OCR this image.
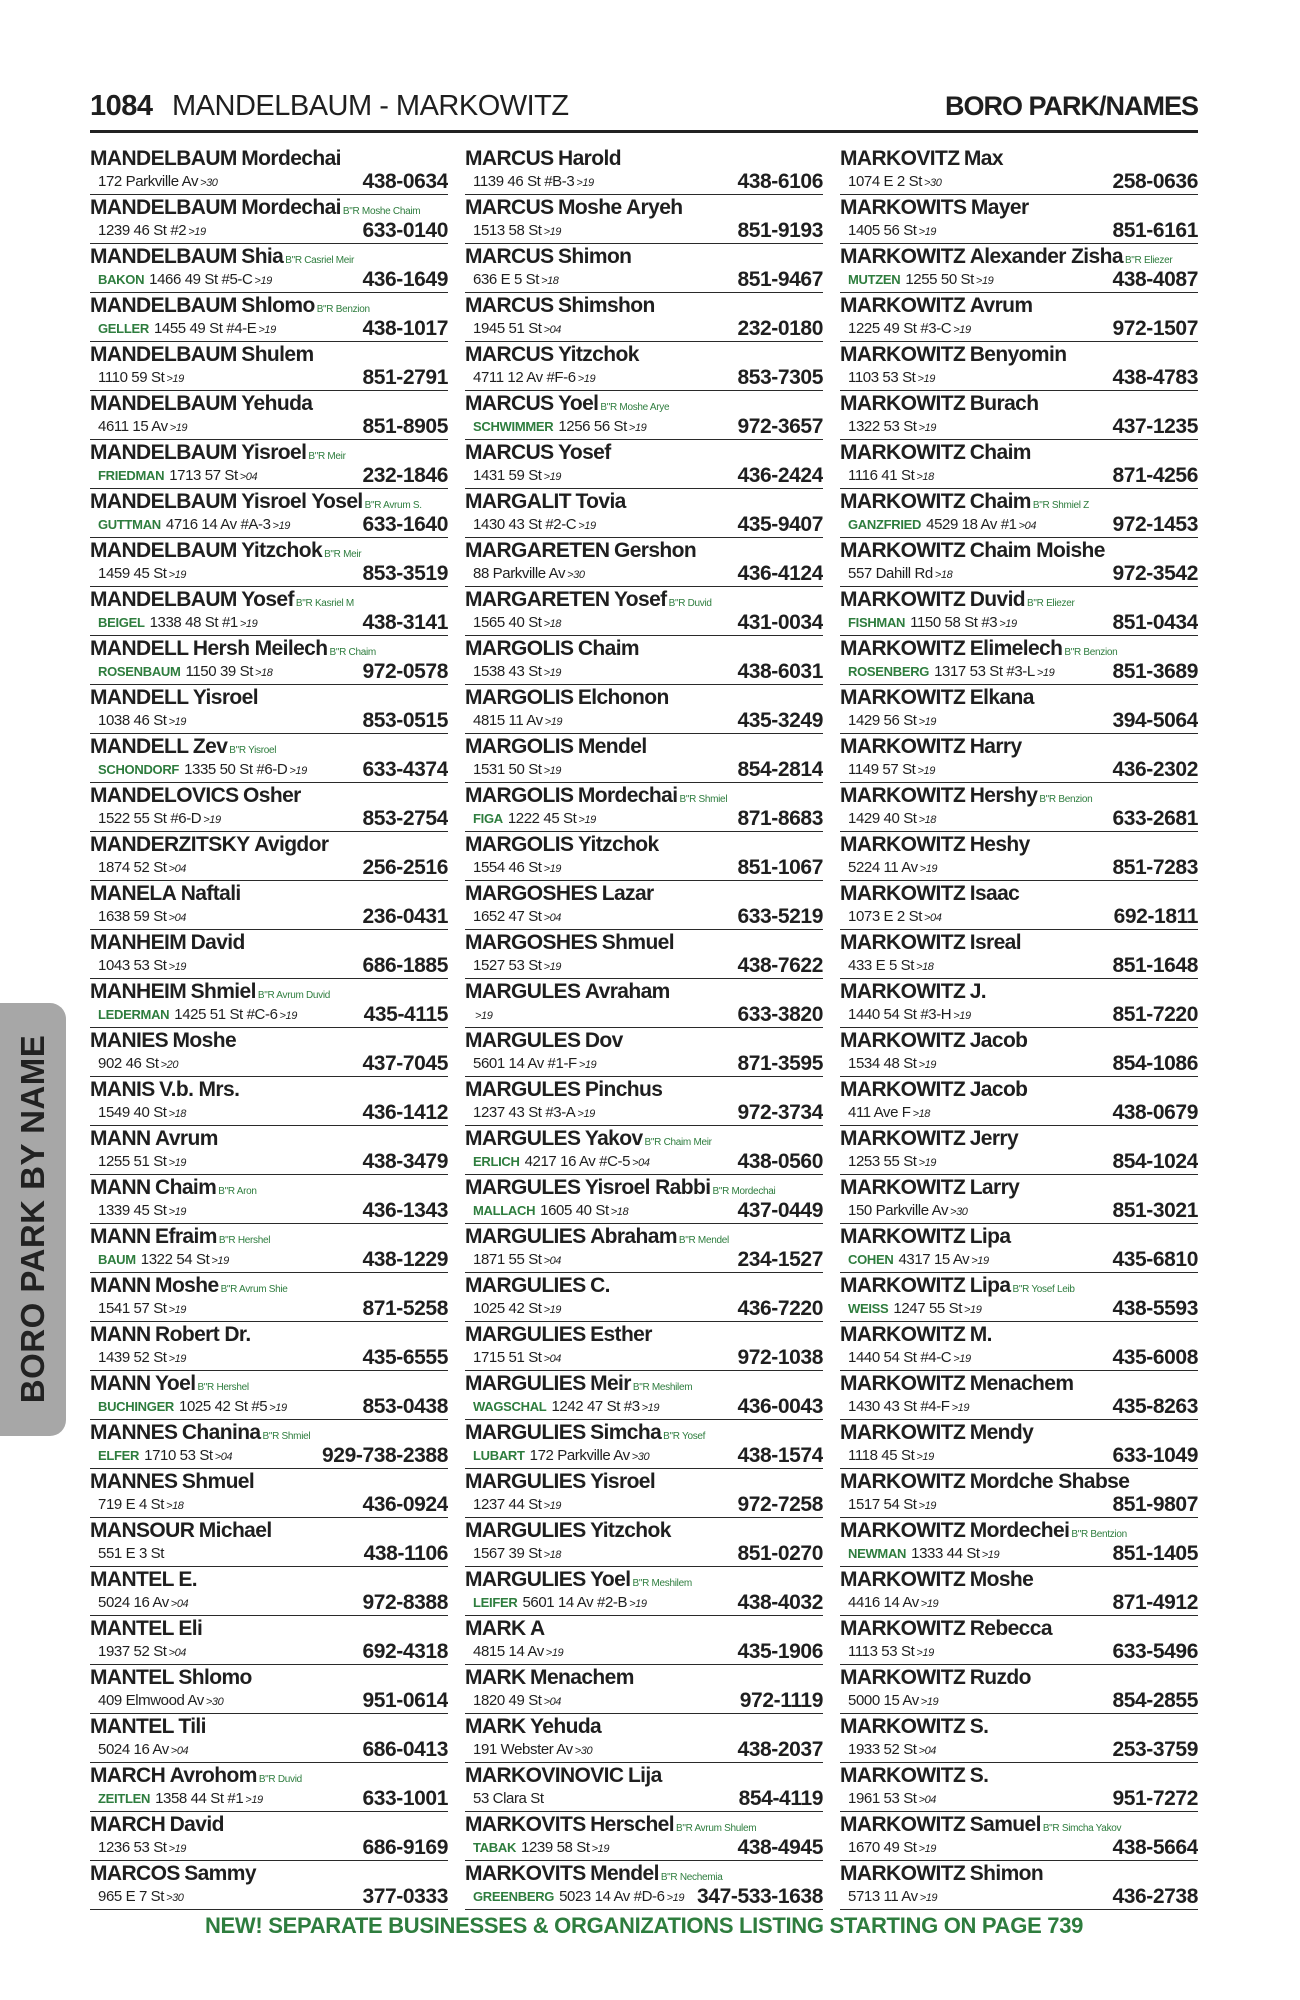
1084 MANDELBAUM - MARKOWITZ	BORO PARK/NAMES
BORO PARK BY NAME
MANDELBAUM Mordechai
172 Parkville Av >30	438-0634
MANDELBAUM Mordechai B"R Moshe Chaim
1239 46 St #2 >19	633-0140
MANDELBAUM Shia B"R Casriel Meir
BAKON 1466 49 St #5-C >19	436-1649
MANDELBAUM Shlomo B"R Benzion
GELLER 1455 49 St #4-E >19	438-1017
MANDELBAUM Shulem
1110 59 St >19	851-2791
MANDELBAUM Yehuda
4611 15 Av >19	851-8905
MANDELBAUM Yisroel B"R Meir
FRIEDMAN 1713 57 St >04	232-1846
MANDELBAUM Yisroel Yosel B"R Avrum S.
GUTTMAN 4716 14 Av #A-3 >19	633-1640
MANDELBAUM Yitzchok B"R Meir
1459 45 St >19	853-3519
MANDELBAUM Yosef B"R Kasriel M
BEIGEL 1338 48 St #1 >19	438-3141
MANDELL Hersh Meilech B"R Chaim
ROSENBAUM 1150 39 St >18	972-0578
MANDELL Yisroel
1038 46 St >19	853-0515
MANDELL Zev B"R Yisroel
SCHONDORF 1335 50 St #6-D >19	633-4374
MANDELOVICS Osher
1522 55 St #6-D >19	853-2754
MANDERZITSKY Avigdor
1874 52 St >04	256-2516
MANELA Naftali
1638 59 St >04	236-0431
MANHEIM David
1043 53 St >19	686-1885
MANHEIM Shmiel B"R Avrum Duvid
LEDERMAN 1425 51 St #C-6 >19	435-4115
MANIES Moshe
902 46 St >20	437-7045
MANIS V.b. Mrs.
1549 40 St >18	436-1412
MANN Avrum
1255 51 St >19	438-3479
MANN Chaim B"R Aron
1339 45 St >19	436-1343
MANN Efraim B"R Hershel
BAUM 1322 54 St >19	438-1229
MANN Moshe B"R Avrum Shie
1541 57 St >19	871-5258
MANN Robert Dr.
1439 52 St >19	435-6555
MANN Yoel B"R Hershel
BUCHINGER 1025 42 St #5 >19	853-0438
MANNES Chanina B"R Shmiel
ELFER 1710 53 St >04	929-738-2388
MANNES Shmuel
719 E 4 St >18	436-0924
MANSOUR Michael
551 E 3 St	438-1106
MANTEL E.
5024 16 Av >04	972-8388
MANTEL Eli
1937 52 St >04	692-4318
MANTEL Shlomo
409 Elmwood Av >30	951-0614
MANTEL Tili
5024 16 Av >04	686-0413
MARCH Avrohom B"R Duvid
ZEITLEN 1358 44 St #1 >19	633-1001
MARCH David
1236 53 St >19	686-9169
MARCOS Sammy
965 E 7 St >30	377-0333
MARCUS Harold
1139 46 St #B-3 >19	438-6106
MARCUS Moshe Aryeh
1513 58 St >19	851-9193
MARCUS Shimon
636 E 5 St >18	851-9467
MARCUS Shimshon
1945 51 St >04	232-0180
MARCUS Yitzchok
4711 12 Av #F-6 >19	853-7305
MARCUS Yoel B"R Moshe Arye
SCHWIMMER 1256 56 St >19	972-3657
MARCUS Yosef
1431 59 St >19	436-2424
MARGALIT Tovia
1430 43 St #2-C >19	435-9407
MARGARETEN Gershon
88 Parkville Av >30	436-4124
MARGARETEN Yosef B"R Duvid
1565 40 St >18	431-0034
MARGOLIS Chaim
1538 43 St >19	438-6031
MARGOLIS Elchonon
4815 11 Av >19	435-3249
MARGOLIS Mendel
1531 50 St >19	854-2814
MARGOLIS Mordechai B"R Shmiel
FIGA 1222 45 St >19	871-8683
MARGOLIS Yitzchok
1554 46 St >19	851-1067
MARGOSHES Lazar
1652 47 St >04	633-5219
MARGOSHES Shmuel
1527 53 St >19	438-7622
MARGULES Avraham
>19	633-3820
MARGULES Dov
5601 14 Av #1-F >19	871-3595
MARGULES Pinchus
1237 43 St #3-A >19	972-3734
MARGULES Yakov B"R Chaim Meir
ERLICH 4217 16 Av #C-5 >04	438-0560
MARGULES Yisroel Rabbi B"R Mordechai
MALLACH 1605 40 St >18	437-0449
MARGULIES Abraham B"R Mendel
1871 55 St >04	234-1527
MARGULIES C.
1025 42 St >19	436-7220
MARGULIES Esther
1715 51 St >04	972-1038
MARGULIES Meir B"R Meshilem
WAGSCHAL 1242 47 St #3 >19	436-0043
MARGULIES Simcha B"R Yosef
LUBART 172 Parkville Av >30	438-1574
MARGULIES Yisroel
1237 44 St >19	972-7258
MARGULIES Yitzchok
1567 39 St >18	851-0270
MARGULIES Yoel B"R Meshilem
LEIFER 5601 14 Av #2-B >19	438-4032
MARK A
4815 14 Av >19	435-1906
MARK Menachem
1820 49 St >04	972-1119
MARK Yehuda
191 Webster Av >30	438-2037
MARKOVINOVIC Lija
53 Clara St	854-4119
MARKOVITS Herschel B"R Avrum Shulem
TABAK 1239 58 St >19	438-4945
MARKOVITS Mendel B"R Nechemia
GREENBERG 5023 14 Av #D-6 >19 347-533-1638
MARKOVITZ Max
1074 E 2 St >30	258-0636
MARKOWITS Mayer
1405 56 St >19	851-6161
MARKOWITZ Alexander Zisha B"R Eliezer
MUTZEN 1255 50 St >19	438-4087
MARKOWITZ Avrum
1225 49 St #3-C >19	972-1507
MARKOWITZ Benyomin
1103 53 St >19	438-4783
MARKOWITZ Burach
1322 53 St >19	437-1235
MARKOWITZ Chaim
1116 41 St >18	871-4256
MARKOWITZ Chaim B"R Shmiel Z
GANZFRIED 4529 18 Av #1 >04	972-1453
MARKOWITZ Chaim Moishe
557 Dahill Rd >18	972-3542
MARKOWITZ Duvid B"R Eliezer
FISHMAN 1150 58 St #3 >19	851-0434
MARKOWITZ Elimelech B"R Benzion
ROSENBERG 1317 53 St #3-L >19	851-3689
MARKOWITZ Elkana
1429 56 St >19	394-5064
MARKOWITZ Harry
1149 57 St >19	436-2302
MARKOWITZ Hershy B"R Benzion
1429 40 St >18	633-2681
MARKOWITZ Heshy
5224 11 Av >19	851-7283
MARKOWITZ Isaac
1073 E 2 St >04	692-1811
MARKOWITZ Isreal
433 E 5 St >18	851-1648
MARKOWITZ J.
1440 54 St #3-H >19	851-7220
MARKOWITZ Jacob
1534 48 St >19	854-1086
MARKOWITZ Jacob
411 Ave F >18	438-0679
MARKOWITZ Jerry
1253 55 St >19	854-1024
MARKOWITZ Larry
150 Parkville Av >30	851-3021
MARKOWITZ Lipa
COHEN 4317 15 Av >19	435-6810
MARKOWITZ Lipa B"R Yosef Leib
WEISS 1247 55 St >19	438-5593
MARKOWITZ M.
1440 54 St #4-C >19	435-6008
MARKOWITZ Menachem
1430 43 St #4-F >19	435-8263
MARKOWITZ Mendy
1118 45 St >19	633-1049
MARKOWITZ Mordche Shabse
1517 54 St >19	851-9807
MARKOWITZ Mordechei B"R Bentzion
NEWMAN 1333 44 St >19	851-1405
MARKOWITZ Moshe
4416 14 Av >19	871-4912
MARKOWITZ Rebecca
1113 53 St >19	633-5496
MARKOWITZ Ruzdo
5000 15 Av >19	854-2855
MARKOWITZ S.
1933 52 St >04	253-3759
MARKOWITZ S.
1961 53 St >04	951-7272
MARKOWITZ Samuel B"R Simcha Yakov
1670 49 St >19	438-5664
MARKOWITZ Shimon
5713 11 Av >19	436-2738
NEW! SEPARATE BUSINESSES & ORGANIZATIONS LISTING STARTING ON PAGE 739
